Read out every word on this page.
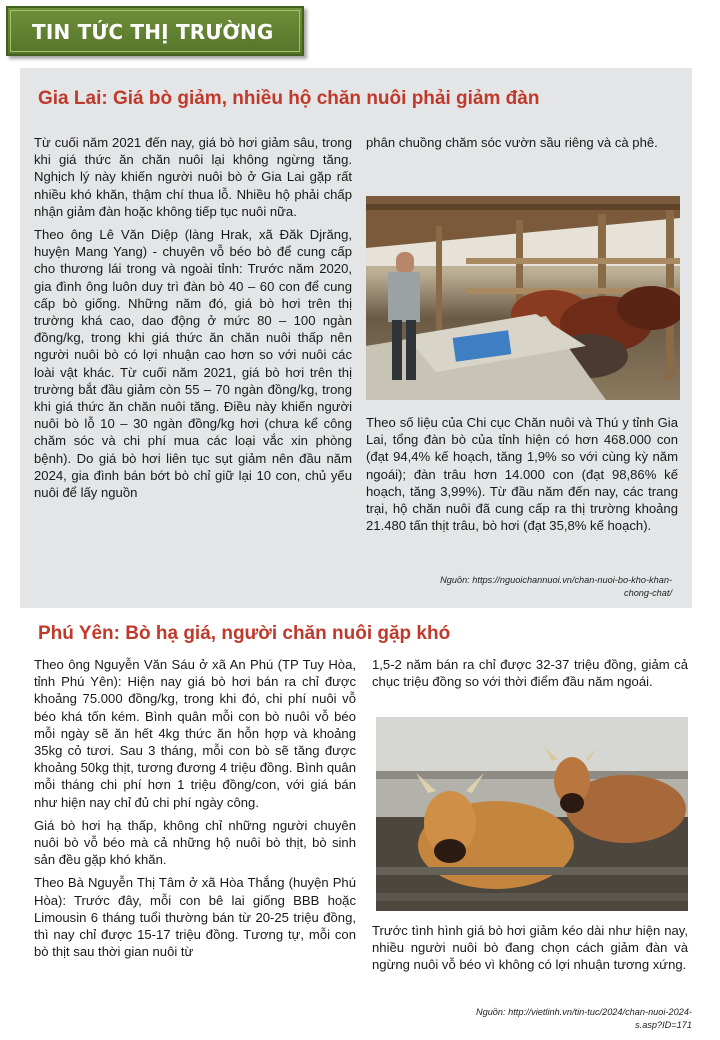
TIN TỨC THỊ TRƯỜNG
Gia Lai: Giá bò giảm, nhiều hộ chăn nuôi phải giảm đàn

Từ cuối năm 2021 đến nay, giá bò hơi giảm sâu, trong khi giá thức ăn chăn nuôi lại không ngừng tăng. Nghịch lý này khiến người nuôi bò ở Gia Lai gặp rất nhiều khó khăn, thậm chí thua lỗ. Nhiều hộ phải chấp nhận giảm đàn hoặc không tiếp tục nuôi nữa.

Theo ông Lê Văn Diệp (làng Hrak, xã Đăk Djrăng, huyện Mang Yang) - chuyên vỗ béo bò để cung cấp cho thương lái trong và ngoài tỉnh: Trước năm 2020, gia đình ông luôn duy trì đàn bò 40 – 60 con để cung cấp bò giống. Những năm đó, giá bò hơi trên thị trường khá cao, dao động ở mức 80 – 100 ngàn đồng/kg, trong khi giá thức ăn chăn nuôi thấp nên người nuôi bò có lợi nhuận cao hơn so với nuôi các loài vật khác. Từ cuối năm 2021, giá bò hơi trên thị trường bắt đầu giảm còn 55 – 70 ngàn đồng/kg, trong khi giá thức ăn chăn nuôi tăng. Điều này khiến người nuôi bò lỗ 10 – 30 ngàn đồng/kg hơi (chưa kể công chăm sóc và chi phí mua các loại vắc xin phòng bệnh). Do giá bò hơi liên tục sụt giảm nên đầu năm 2024, gia đình bán bớt bò chỉ giữ lại 10 con, chủ yếu nuôi để lấy nguồn

phân chuồng chăm sóc vườn sầu riêng và cà phê.

Theo số liệu của Chi cục Chăn nuôi và Thú y tỉnh Gia Lai, tổng đàn bò của tỉnh hiện có hơn 468.000 con (đạt 94,4% kế hoạch, tăng 1,9% so với cùng kỳ năm ngoái); đàn trâu hơn 14.000 con (đạt 98,86% kế hoạch, tăng 3,99%). Từ đầu năm đến nay, các trang trại, hộ chăn nuôi đã cung cấp ra thị trường khoảng 21.480 tấn thịt trâu, bò hơi (đạt 35,8% kế hoạch).

Nguồn: https://nguoichannuoi.vn/chan-nuoi-bo-kho-khan-
chong-chat/
Phú Yên: Bò hạ giá, người chăn nuôi gặp khó

Theo ông Nguyễn Văn Sáu ở xã An Phú (TP Tuy Hòa, tỉnh Phú Yên): Hiện nay giá bò hơi bán ra chỉ được khoảng 75.000 đồng/kg, trong khi đó, chi phí nuôi vỗ béo khá tốn kém. Bình quân mỗi con bò nuôi vỗ béo mỗi ngày sẽ ăn hết 4kg thức ăn hỗn hợp và khoảng 35kg cỏ tươi. Sau 3 tháng, mỗi con bò sẽ tăng được khoảng 50kg thịt, tương đương 4 triệu đồng. Bình quân mỗi tháng chi phí hơn 1 triệu đồng/con, với giá bán như hiện nay chỉ đủ chi phí ngày công.

Giá bò hơi hạ thấp, không chỉ những người chuyên nuôi bò vỗ béo mà cả những hộ nuôi bò thịt, bò sinh sản đều gặp khó khăn.

Theo Bà Nguyễn Thị Tâm ở xã Hòa Thắng (huyện Phú Hòa): Trước đây, mỗi con bê lai giống BBB hoặc Limousin 6 tháng tuổi thường bán từ 20-25 triệu đồng, thì nay chỉ được 15-17 triệu đồng. Tương tự, mỗi con bò thịt sau thời gian nuôi từ

1,5-2 năm bán ra chỉ được 32-37 triệu đồng, giảm cả chục triệu đồng so với thời điểm đầu năm ngoái.

Trước tình hình giá bò hơi giảm kéo dài như hiện nay, nhiều người nuôi bò đang chọn cách giảm đàn và ngừng nuôi vỗ béo vì không có lợi nhuận tương xứng.

Nguồn: http://vietlinh.vn/tin-tuc/2024/chan-nuoi-2024-
s.asp?ID=171
